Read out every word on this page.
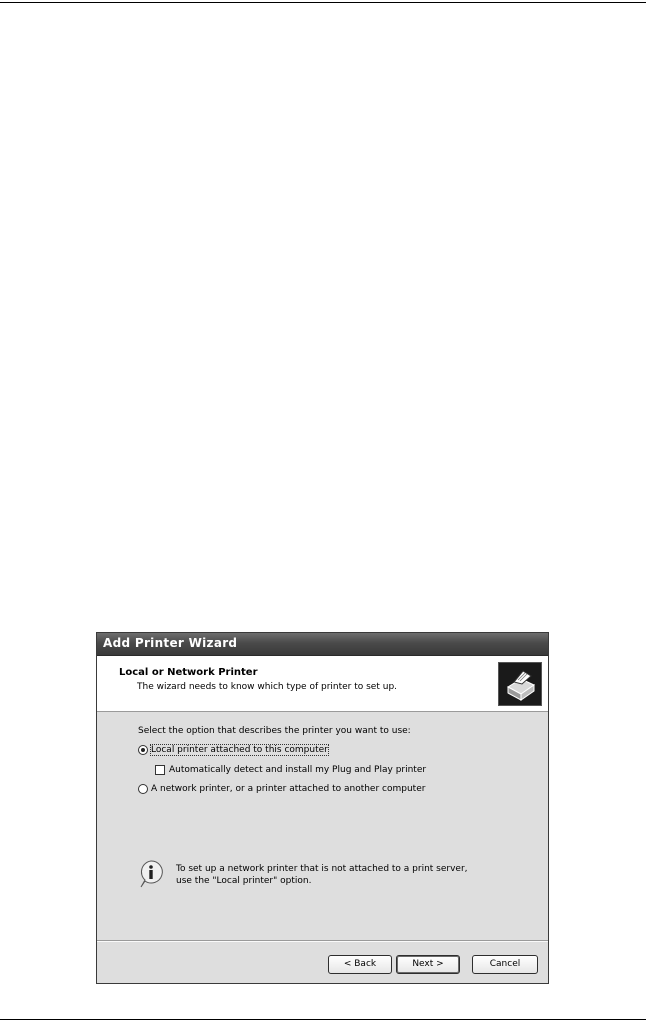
Add Printer Wizard
Local or Network Printer
The wizard needs to know which type of printer to set up.
Select the option that describes the printer you want to use:
Local printer attached to this computer
Automatically detect and install my Plug and Play printer
A network printer, or a printer attached to another computer
To set up a network printer that is not attached to a print server,
use the "Local printer" option.
< Back	Next >	Cancel
